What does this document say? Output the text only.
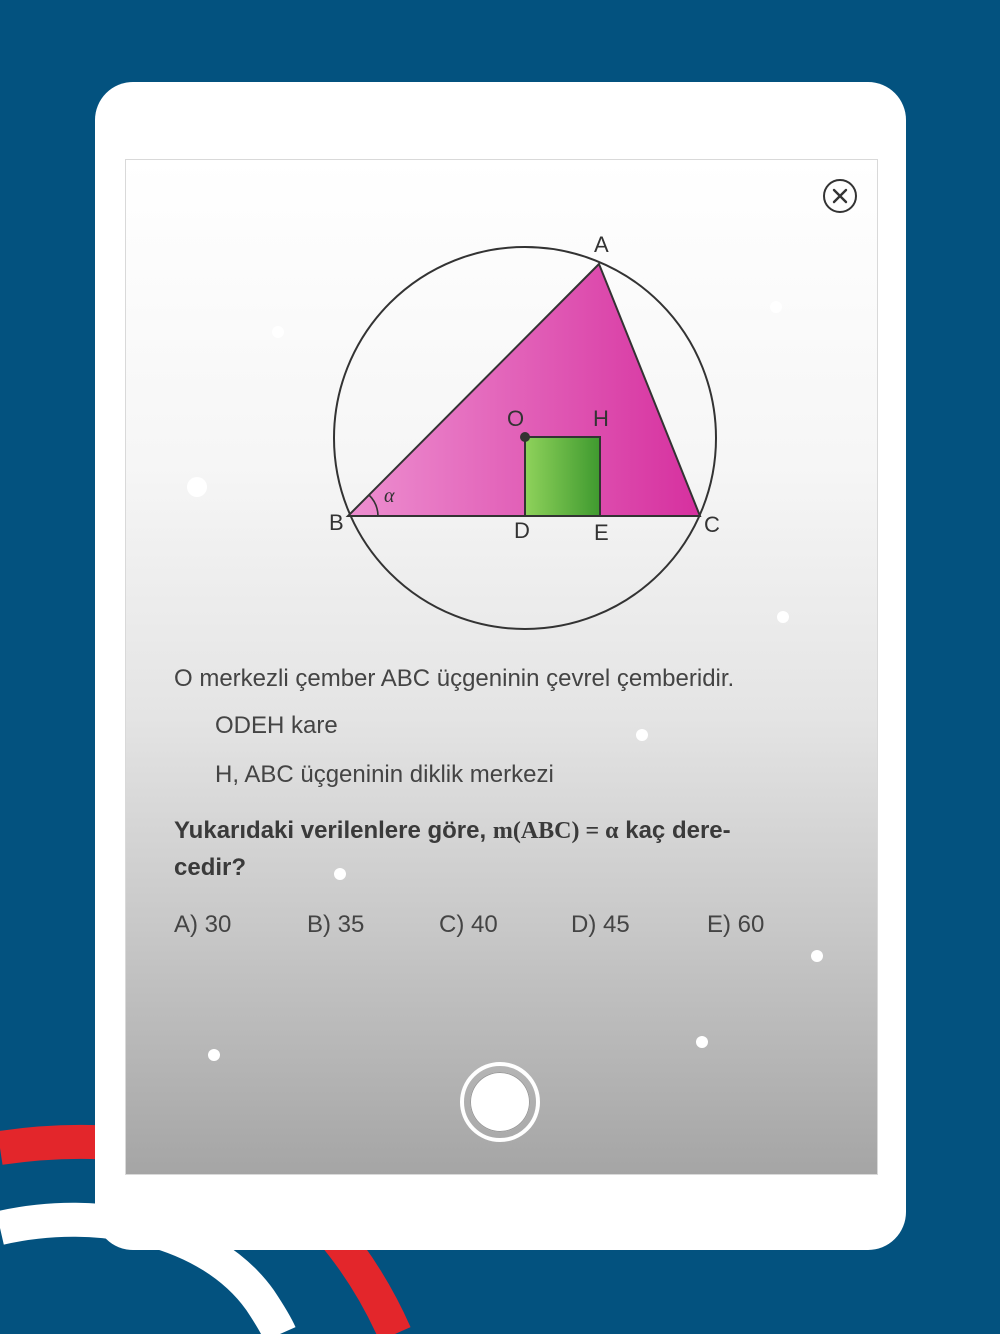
A
B	C
O	H
D	E
α
O merkezli çember ABC üçgeninin çevrel çemberidir.
ODEH kare
H, ABC üçgeninin diklik merkezi
Yukarıdaki verilenlere göre, m(ABC) = α kaç dere-
cedir?
A) 30	B) 35	C) 40	D) 45	E) 60
